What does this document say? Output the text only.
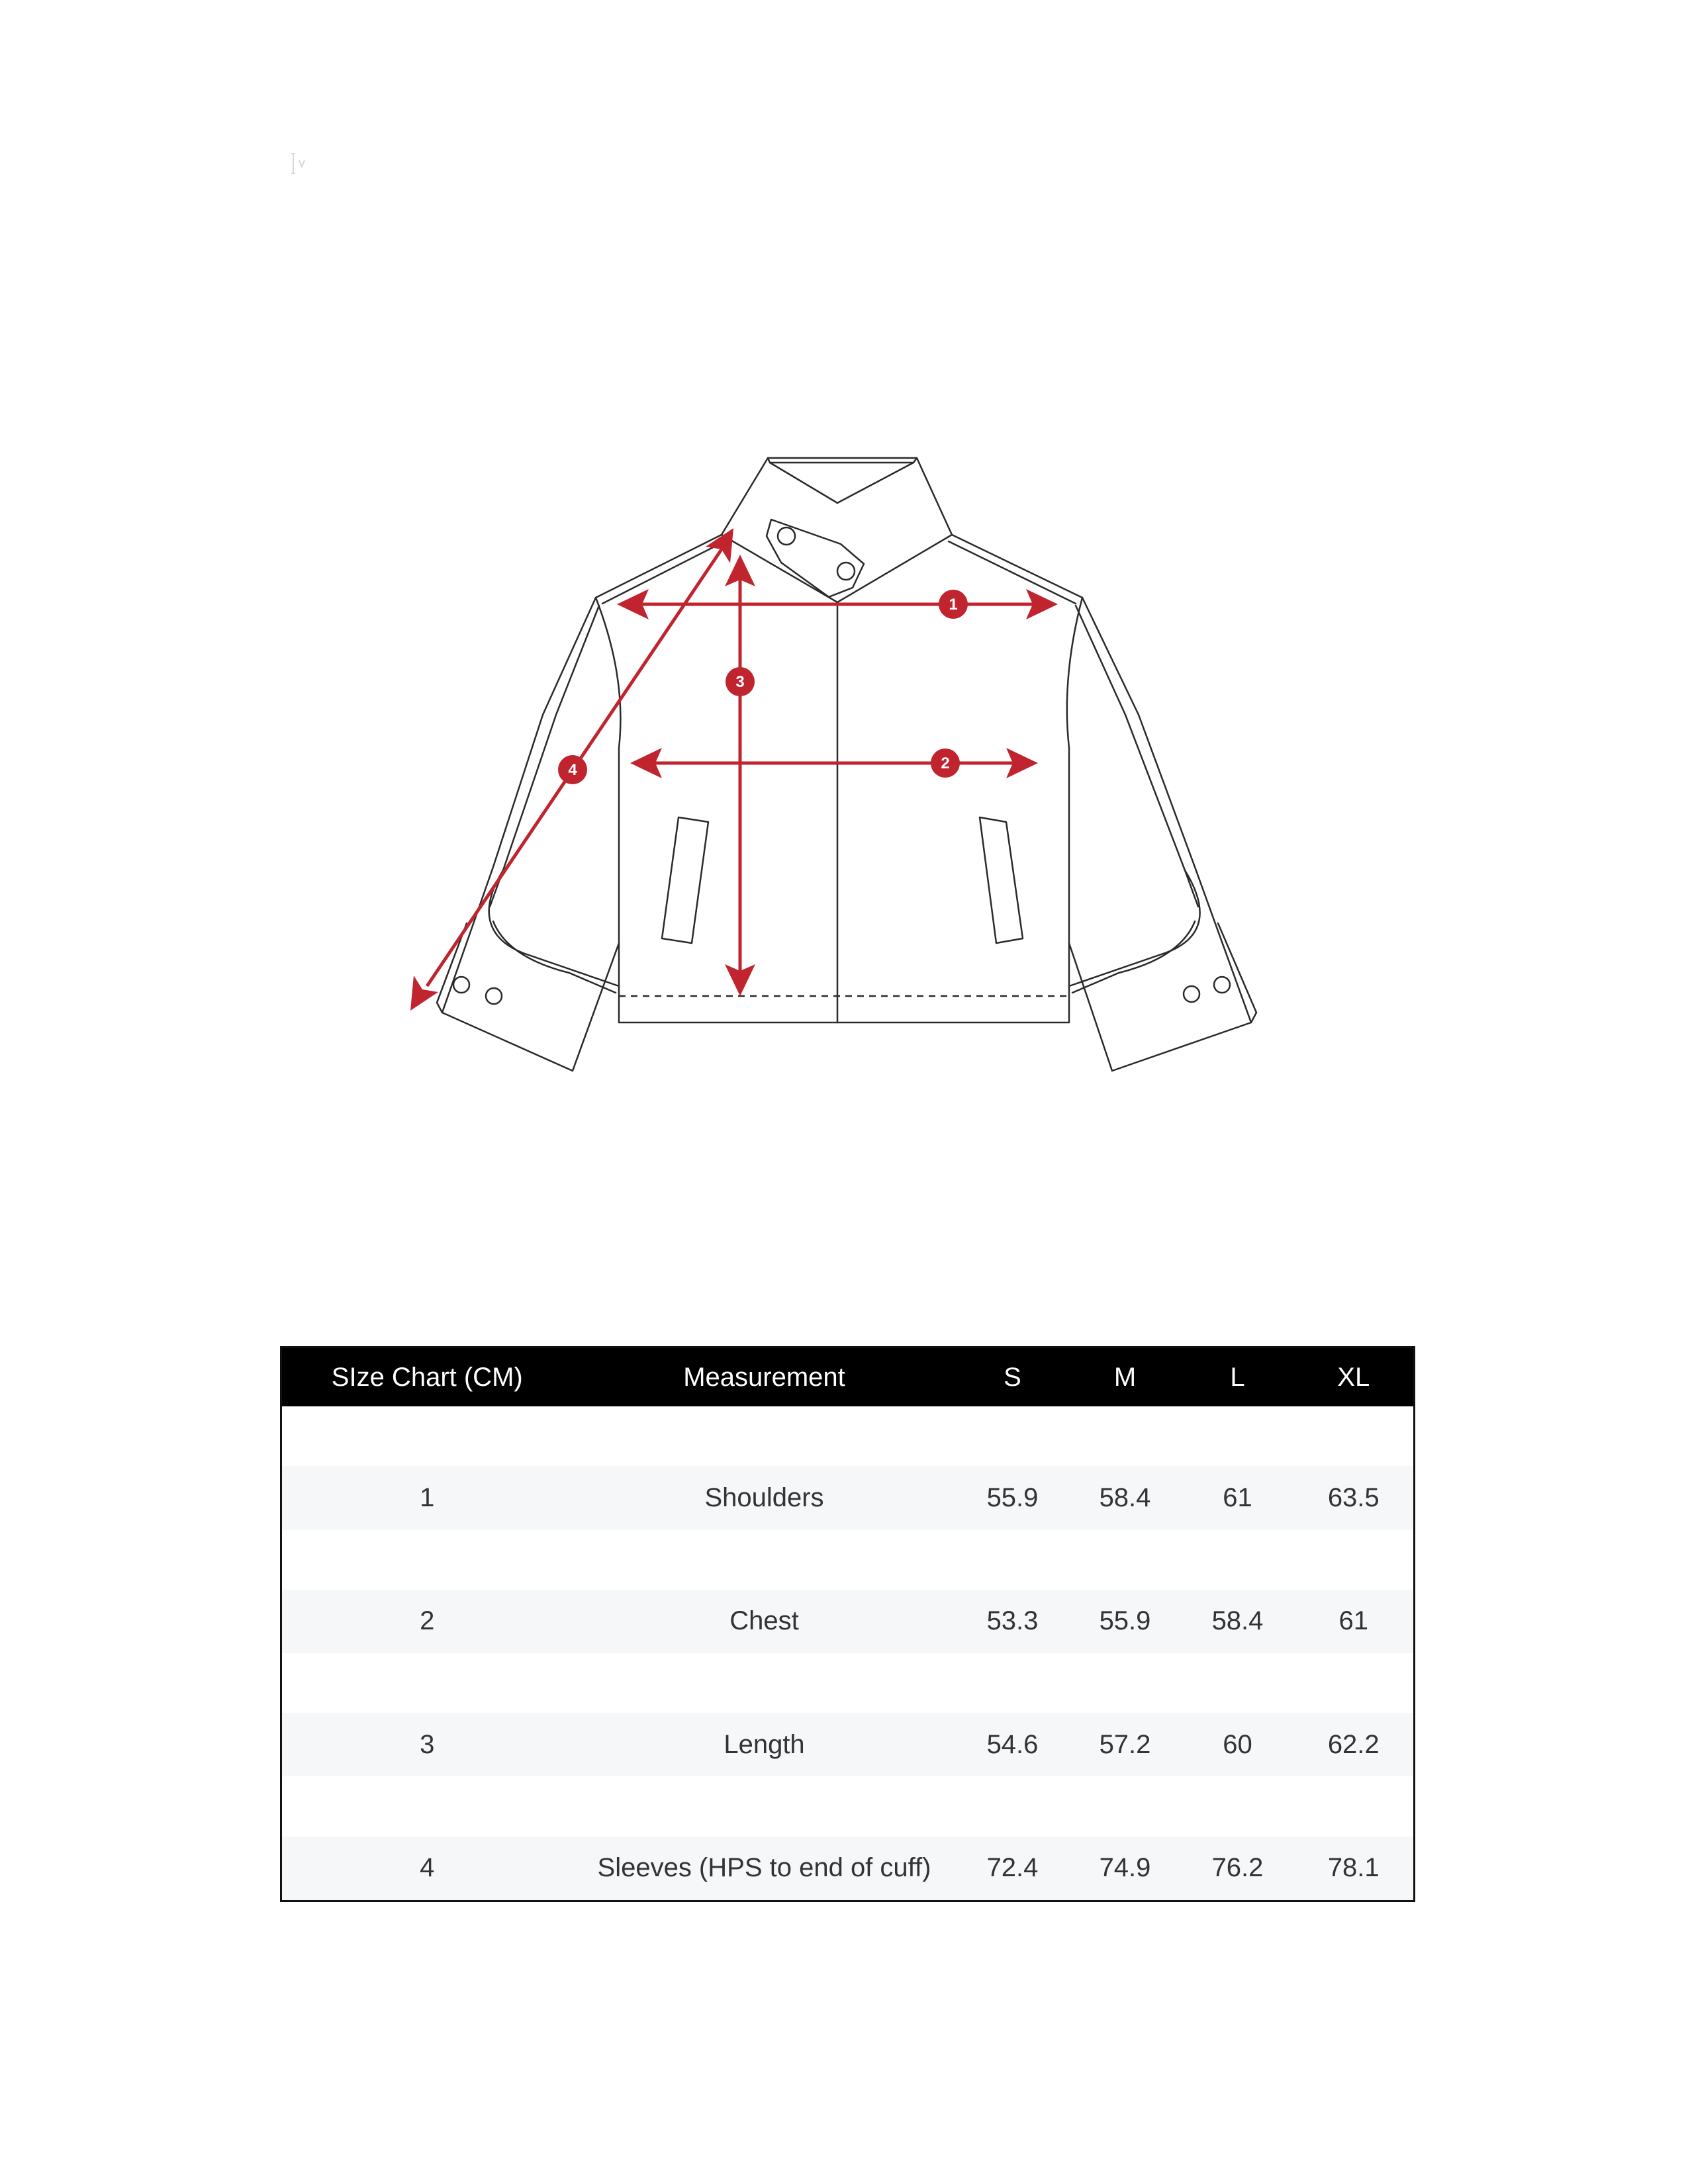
1
2
3
4
SIze Chart (CM)	Measurement	S	M	L	XL

1	Shoulders	55.9	58.4	61	63.5

2	Chest	53.3	55.9	58.4	61

3	Length	54.6	57.2	60	62.2

4	Sleeves (HPS to end of cuff)	72.4	74.9	76.2	78.1
